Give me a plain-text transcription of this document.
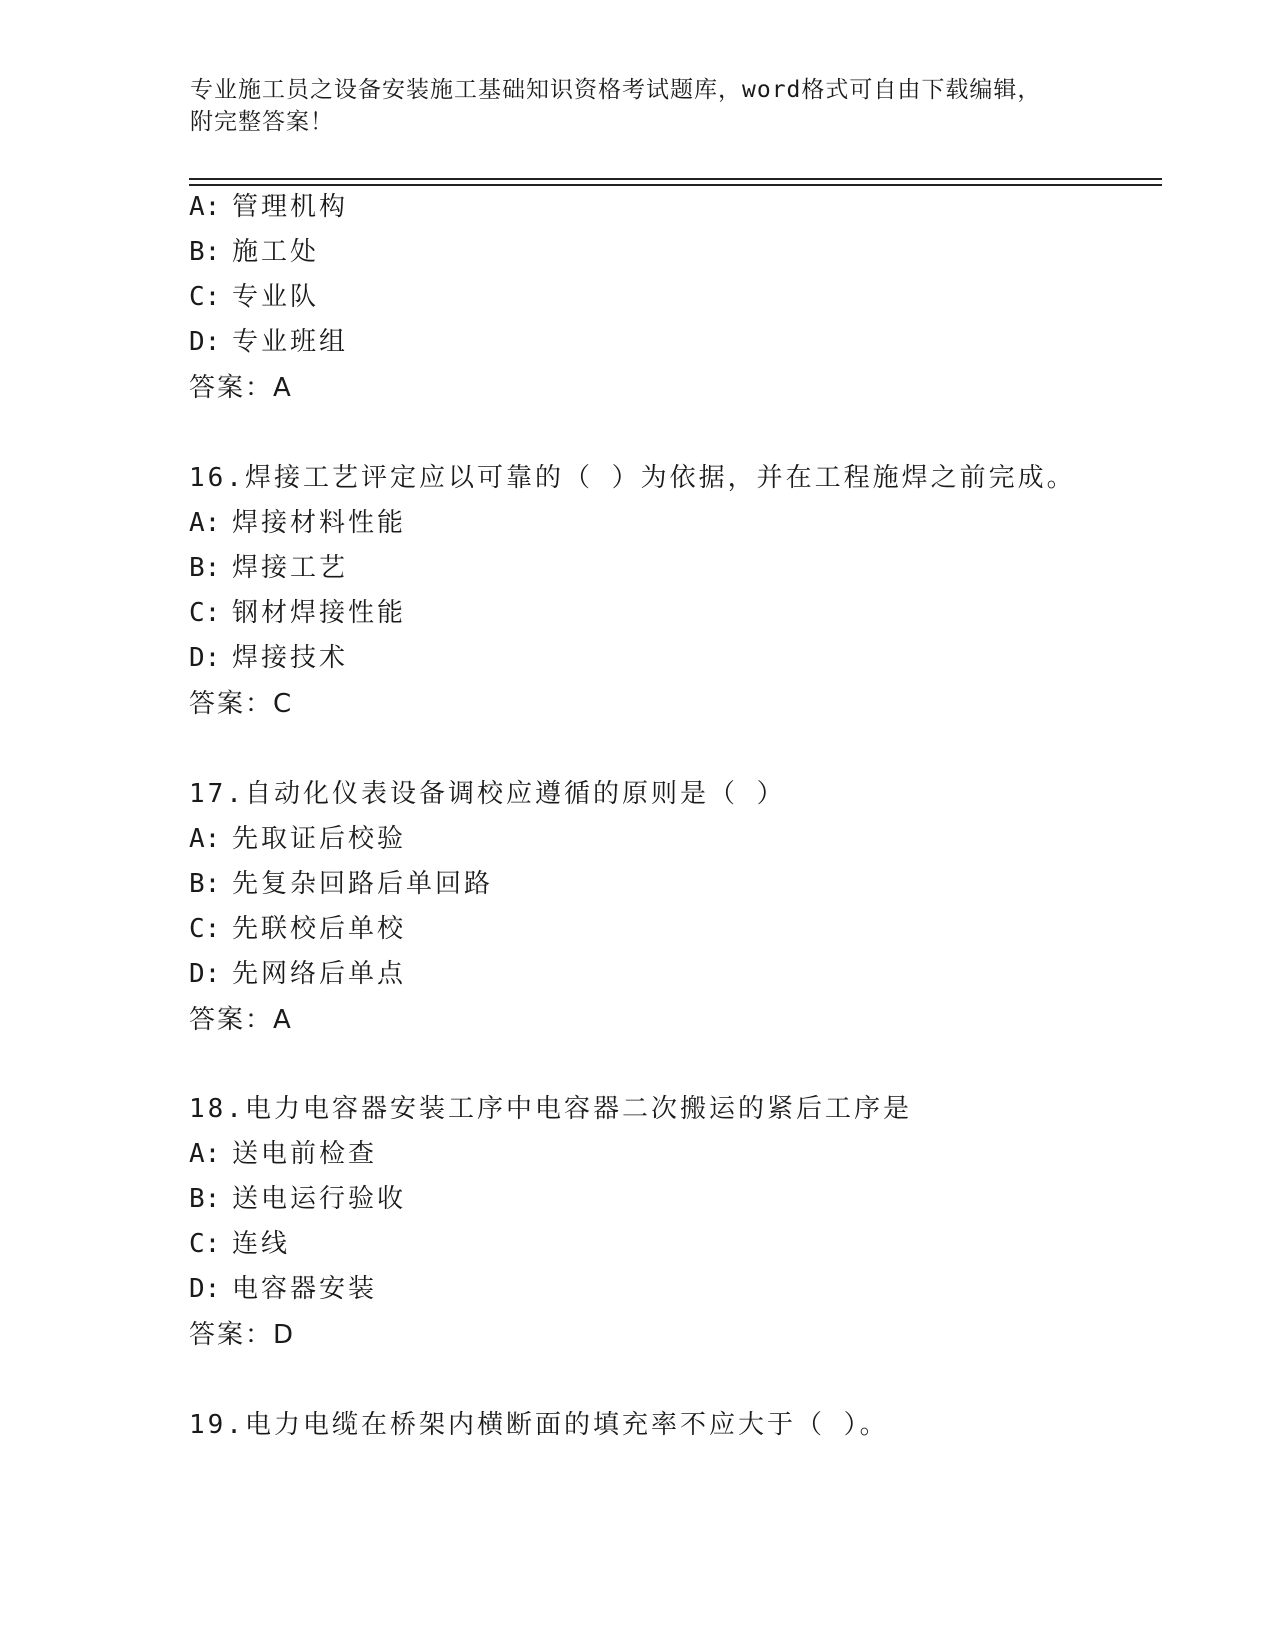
专业施工员之设备安装施工基础知识资格考试题库，word格式可自由下载编辑，
附完整答案！
A: 管理机构
B: 施工处
C: 专业队
D: 专业班组
答案：A
16.焊接工艺评定应以可靠的（ ）为依据，并在工程施焊之前完成。
A: 焊接材料性能
B: 焊接工艺
C: 钢材焊接性能
D: 焊接技术
答案：C
17.自动化仪表设备调校应遵循的原则是（ ）
A: 先取证后校验
B: 先复杂回路后单回路
C: 先联校后单校
D: 先网络后单点
答案：A
18.电力电容器安装工序中电容器二次搬运的紧后工序是
A: 送电前检查
B: 送电运行验收
C: 连线
D: 电容器安装
答案：D
19.电力电缆在桥架内横断面的填充率不应大于（ ）。
